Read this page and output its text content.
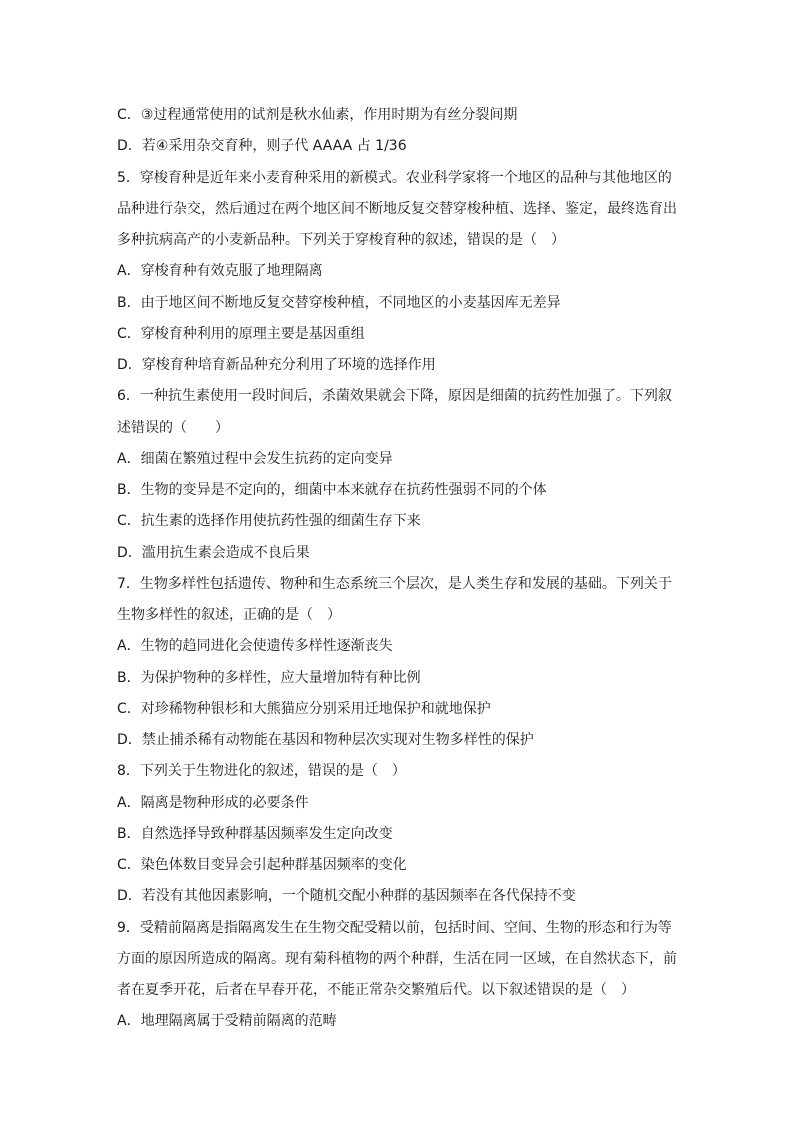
C．③过程通常使用的试剂是秋水仙素，作用时期为有丝分裂间期
D．若④采用杂交育种，则子代 AAAA 占 1/36
5．穿梭育种是近年来小麦育种采用的新模式。农业科学家将一个地区的品种与其他地区的
品种进行杂交，然后通过在两个地区间不断地反复交替穿梭种植、选择、鉴定，最终选育出
多种抗病高产的小麦新品种。下列关于穿梭育种的叙述，错误的是（　）
A．穿梭育种有效克服了地理隔离
B．由于地区间不断地反复交替穿梭种植，不同地区的小麦基因库无差异
C．穿梭育种利用的原理主要是基因重组
D．穿梭育种培育新品种充分利用了环境的选择作用
6．一种抗生素使用一段时间后，杀菌效果就会下降，原因是细菌的抗药性加强了。下列叙
述错误的（　　）
A．细菌在繁殖过程中会发生抗药的定向变异
B．生物的变异是不定向的，细菌中本来就存在抗药性强弱不同的个体
C．抗生素的选择作用使抗药性强的细菌生存下来
D．滥用抗生素会造成不良后果
7．生物多样性包括遗传、物种和生态系统三个层次，是人类生存和发展的基础。下列关于
生物多样性的叙述，正确的是（　）
A．生物的趋同进化会使遗传多样性逐渐丧失
B．为保护物种的多样性，应大量增加特有种比例
C．对珍稀物种银杉和大熊猫应分别采用迁地保护和就地保护
D．禁止捕杀稀有动物能在基因和物种层次实现对生物多样性的保护
8．下列关于生物进化的叙述，错误的是（　）
A．隔离是物种形成的必要条件
B．自然选择导致种群基因频率发生定向改变
C．染色体数目变异会引起种群基因频率的变化
D．若没有其他因素影响，一个随机交配小种群的基因频率在各代保持不变
9．受精前隔离是指隔离发生在生物交配受精以前，包括时间、空间、生物的形态和行为等
方面的原因所造成的隔离。现有菊科植物的两个种群，生活在同一区域，在自然状态下，前
者在夏季开花，后者在早春开花，不能正常杂交繁殖后代。以下叙述错误的是（　）
A．地理隔离属于受精前隔离的范畴
